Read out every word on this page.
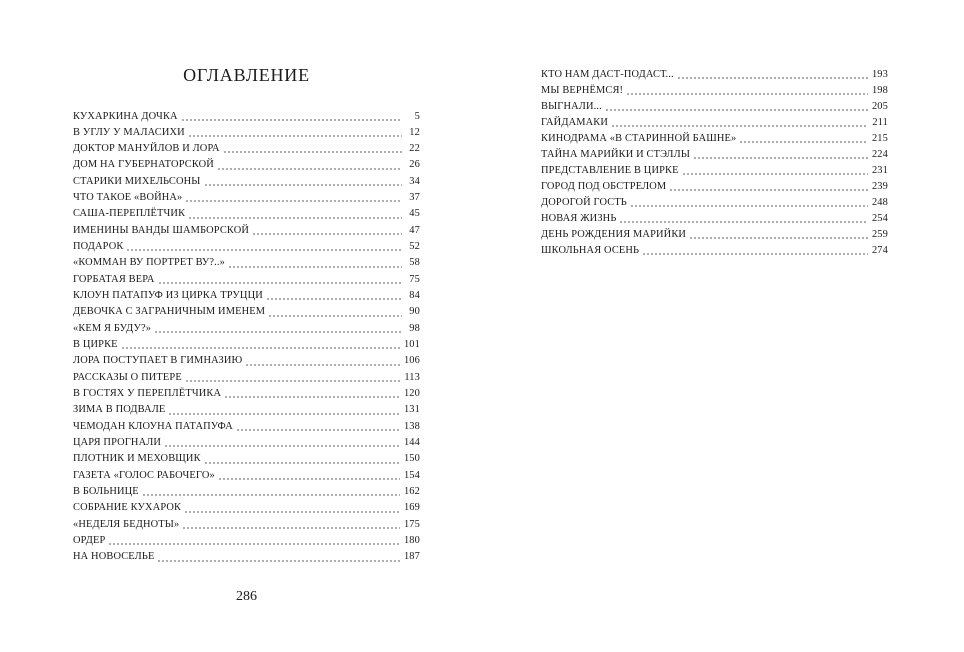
ОГЛАВЛЕНИЕ
КУХАРКИНА ДОЧКА	5
В УГЛУ У МАЛАСИХИ	12
ДОКТОР МАНУЙЛОВ И ЛОРА	22
ДОМ НА ГУБЕРНАТОРСКОЙ	26
СТАРИКИ МИХЕЛЬСОНЫ	34
ЧТО ТАКОЕ «ВОЙНА»	37
САША-ПЕРЕПЛЁТЧИК	45
ИМЕНИНЫ ВАНДЫ ШАМБОРСКОЙ	47
ПОДАРОК	52
«КОММАН ВУ ПОРТРЕТ ВУ?..»	58
ГОРБАТАЯ ВЕРА	75
КЛОУН ПАТАПУФ ИЗ ЦИРКА ТРУЦЦИ	84
ДЕВОЧКА С ЗАГРАНИЧНЫМ ИМЕНЕМ	90
«КЕМ Я БУДУ?»	98
В ЦИРКЕ	101
ЛОРА ПОСТУПАЕТ В ГИМНАЗИЮ	106
РАССКАЗЫ О ПИТЕРЕ	113
В ГОСТЯХ У ПЕРЕПЛЁТЧИКА	120
ЗИМА В ПОДВАЛЕ	131
ЧЕМОДАН КЛОУНА ПАТАПУФА	138
ЦАРЯ ПРОГНАЛИ	144
ПЛОТНИК И МЕХОВЩИК	150
ГАЗЕТА «ГОЛОС РАБОЧЕГО»	154
В БОЛЬНИЦЕ	162
СОБРАНИЕ КУХАРОК	169
«НЕДЕЛЯ БЕДНОТЫ»	175
ОРДЕР	180
НА НОВОСЕЛЬЕ	187
286
КТО НАМ ДАСТ-ПОДАСТ...	193
МЫ ВЕРНЁМСЯ!	198
ВЫГНАЛИ...	205
ГАЙДАМАКИ	211
КИНОДРАМА «В СТАРИННОЙ БАШНЕ»	215
ТАЙНА МАРИЙКИ И СТЭЛЛЫ	224
ПРЕДСТАВЛЕНИЕ В ЦИРКЕ	231
ГОРОД ПОД ОБСТРЕЛОМ	239
ДОРОГОЙ ГОСТЬ	248
НОВАЯ ЖИЗНЬ	254
ДЕНЬ РОЖДЕНИЯ МАРИЙКИ	259
ШКОЛЬНАЯ ОСЕНЬ	274
